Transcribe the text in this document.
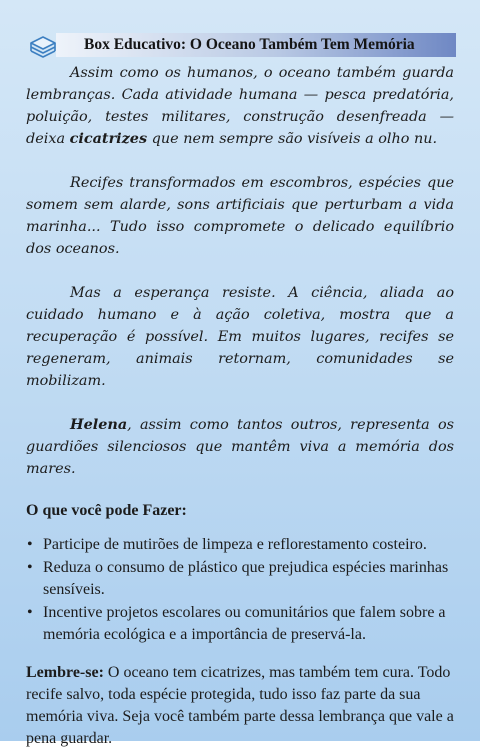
Box Educativo: O Oceano Também Tem Memória

Assim como os humanos, o oceano também guarda lembranças. Cada atividade humana — pesca predatória, poluição, testes militares, construção desenfreada — deixa cicatrizes que nem sempre são visíveis a olho nu.

Recifes transformados em escombros, espécies que somem sem alarde, sons artificiais que perturbam a vida marinha... Tudo isso compromete o delicado equilíbrio dos oceanos.

Mas a esperança resiste. A ciência, aliada ao cuidado humano e à ação coletiva, mostra que a recuperação é possível. Em muitos lugares, recifes se regeneram, animais retornam, comunidades se mobilizam.

Helena, assim como tantos outros, representa os guardiões silenciosos que mantêm viva a memória dos mares.

O que você pode Fazer:
• Participe de mutirões de limpeza e reflorestamento costeiro.
• Reduza o consumo de plástico que prejudica espécies marinhas sensíveis.
• Incentive projetos escolares ou comunitários que falem sobre a memória ecológica e a importância de preservá-la.
Lembre-se: O oceano tem cicatrizes, mas também tem cura. Todo recife salvo, toda espécie protegida, tudo isso faz parte da sua memória viva. Seja você também parte dessa lembrança que vale a pena guardar.
